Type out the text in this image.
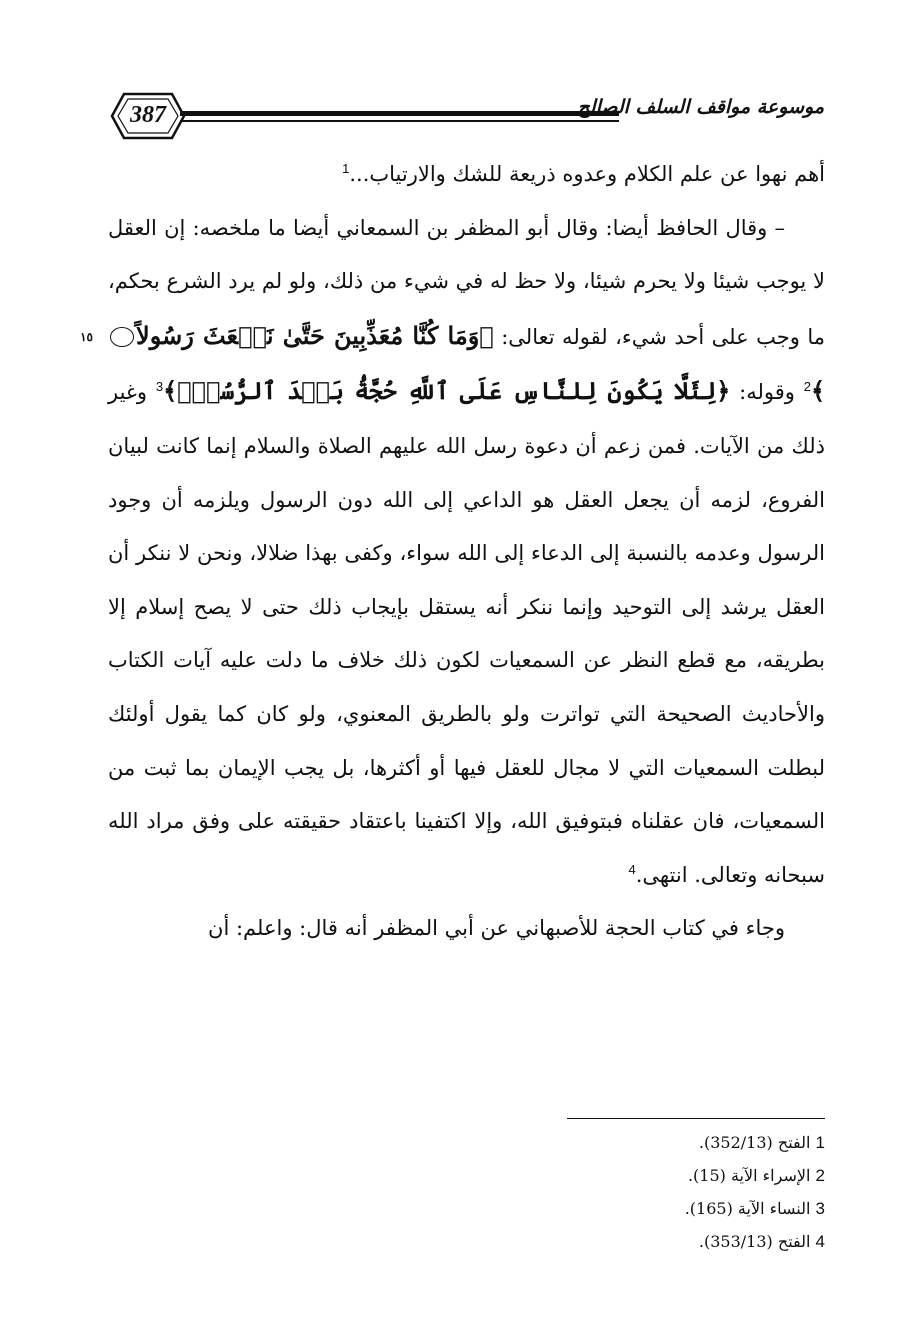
387	موسوعة مواقف السلف الصالح

أهم نهوا عن علم الكلام وعدوه ذريعة للشك والارتياب...$^1$

– وقال الحافظ أيضا: وقال أبو المظفر بن السمعاني أيضا ما ملخصه: إن العقل لا يوجب شيئا ولا يحرم شيئا، ولا حظ له في شيء من ذلك، ولو لم يرد الشرع بحكم، ما وجب على أحد شيء، لقوله تعالى: ﴿وَمَا كُنَّا مُعَذِّبِينَ حَتَّىٰ نَبۡعَثَ رَسُولاً١٥﴾$^2$ وقوله: ﴿لِئَلَّا يَكُونَ لِلنَّاسِ عَلَى ٱللَّهِ حُجَّةُۢ بَعۡدَ ٱلرُّسُلِۚ﴾$^3$ وغير ذلك من الآيات. فمن زعم أن دعوة رسل الله عليهم الصلاة والسلام إنما كانت لبيان الفروع، لزمه أن يجعل العقل هو الداعي إلى الله دون الرسول ويلزمه أن وجود الرسول وعدمه بالنسبة إلى الدعاء إلى الله سواء، وكفى بهذا ضلالا، ونحن لا ننكر أن العقل يرشد إلى التوحيد وإنما ننكر أنه يستقل بإيجاب ذلك حتى لا يصح إسلام إلا بطريقه، مع قطع النظر عن السمعيات لكون ذلك خلاف ما دلت عليه آيات الكتاب والأحاديث الصحيحة التي تواترت ولو بالطريق المعنوي، ولو كان كما يقول أولئك لبطلت السمعيات التي لا مجال للعقل فيها أو أكثرها، بل يجب الإيمان بما ثبت من السمعيات، فان عقلناه فبتوفيق الله، وإلا اكتفينا باعتقاد حقيقته على وفق مراد الله سبحانه وتعالى. انتهى.$^4$

وجاء في كتاب الحجة للأصبهاني عن أبي المظفر أنه قال: واعلم: أن

1 الفتح (352/13).
2 الإسراء الآية (15).
3 النساء الآية (165).
4 الفتح (353/13).
